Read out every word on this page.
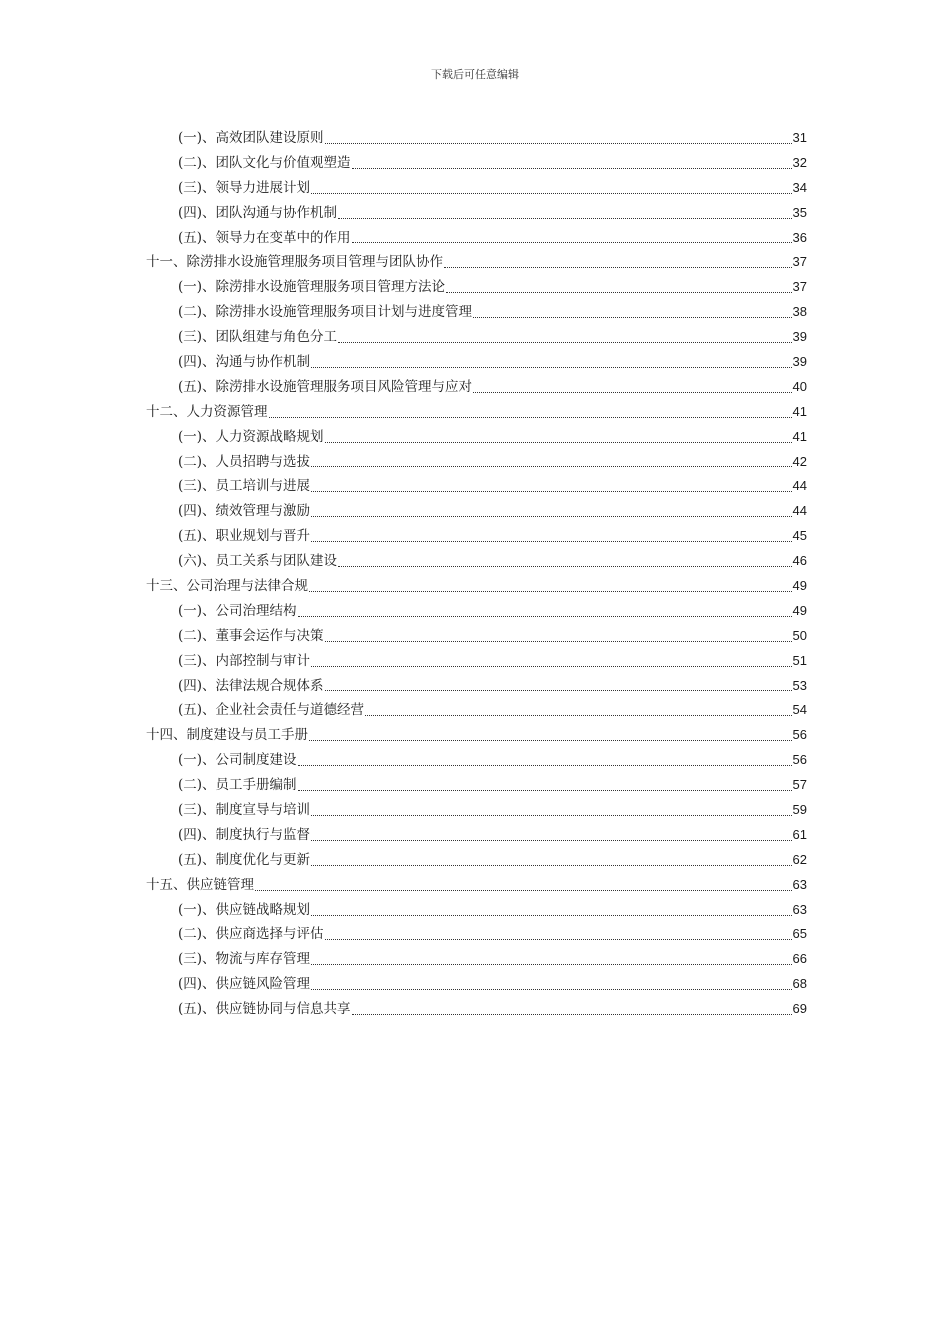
下载后可任意编辑
(一)、高效团队建设原则	31
(二)、团队文化与价值观塑造	32
(三)、领导力进展计划	34
(四)、团队沟通与协作机制	35
(五)、领导力在变革中的作用	36
十一、除涝排水设施管理服务项目管理与团队协作	37
(一)、除涝排水设施管理服务项目管理方法论	37
(二)、除涝排水设施管理服务项目计划与进度管理	38
(三)、团队组建与角色分工	39
(四)、沟通与协作机制	39
(五)、除涝排水设施管理服务项目风险管理与应对	40
十二、人力资源管理	41
(一)、人力资源战略规划	41
(二)、人员招聘与选拔	42
(三)、员工培训与进展	44
(四)、绩效管理与激励	44
(五)、职业规划与晋升	45
(六)、员工关系与团队建设	46
十三、公司治理与法律合规	49
(一)、公司治理结构	49
(二)、董事会运作与决策	50
(三)、内部控制与审计	51
(四)、法律法规合规体系	53
(五)、企业社会责任与道德经营	54
十四、制度建设与员工手册	56
(一)、公司制度建设	56
(二)、员工手册编制	57
(三)、制度宣导与培训	59
(四)、制度执行与监督	61
(五)、制度优化与更新	62
十五、供应链管理	63
(一)、供应链战略规划	63
(二)、供应商选择与评估	65
(三)、物流与库存管理	66
(四)、供应链风险管理	68
(五)、供应链协同与信息共享	69
